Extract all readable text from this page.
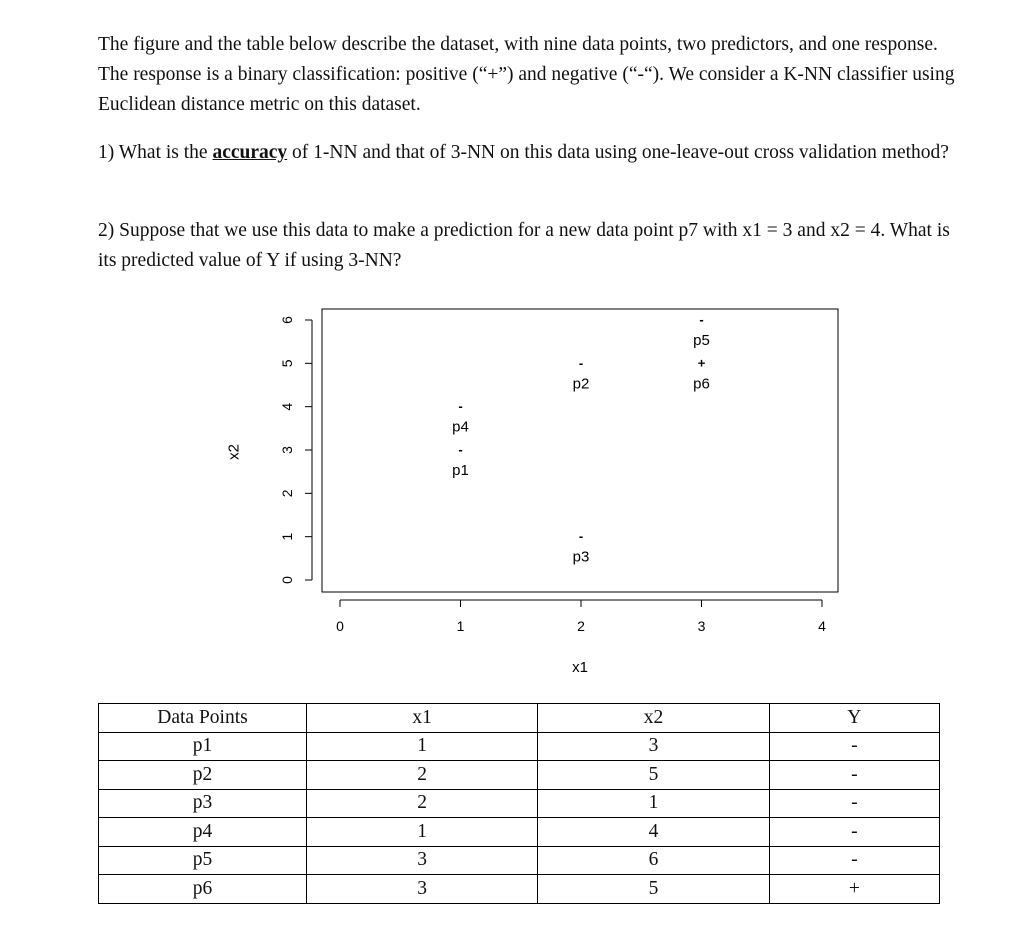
The figure and the table below describe the dataset, with nine data points, two predictors, and one response. The response is a binary classification: positive (“+”) and negative (“-“). We consider a K-NN classifier using Euclidean distance metric on this dataset.

1) What is the accuracy of 1-NN and that of 3-NN on this data using one-leave-out cross validation method?

2) Suppose that we use this data to make a prediction for a new data point p7 with x1 = 3 and x2 = 4. What is its predicted value of Y if using 3-NN?

0	1	2	3	4
0
1
2
3
4
5
6
x1
x2	-
p1
-
p2
-
p3
-
p4
-
p5
+
p6
Data Points	x1	x2	Y
p1	1	3	-
p2	2	5	-
p3	2	1	-
p4	1	4	-
p5	3	6	-
p6	3	5	+
